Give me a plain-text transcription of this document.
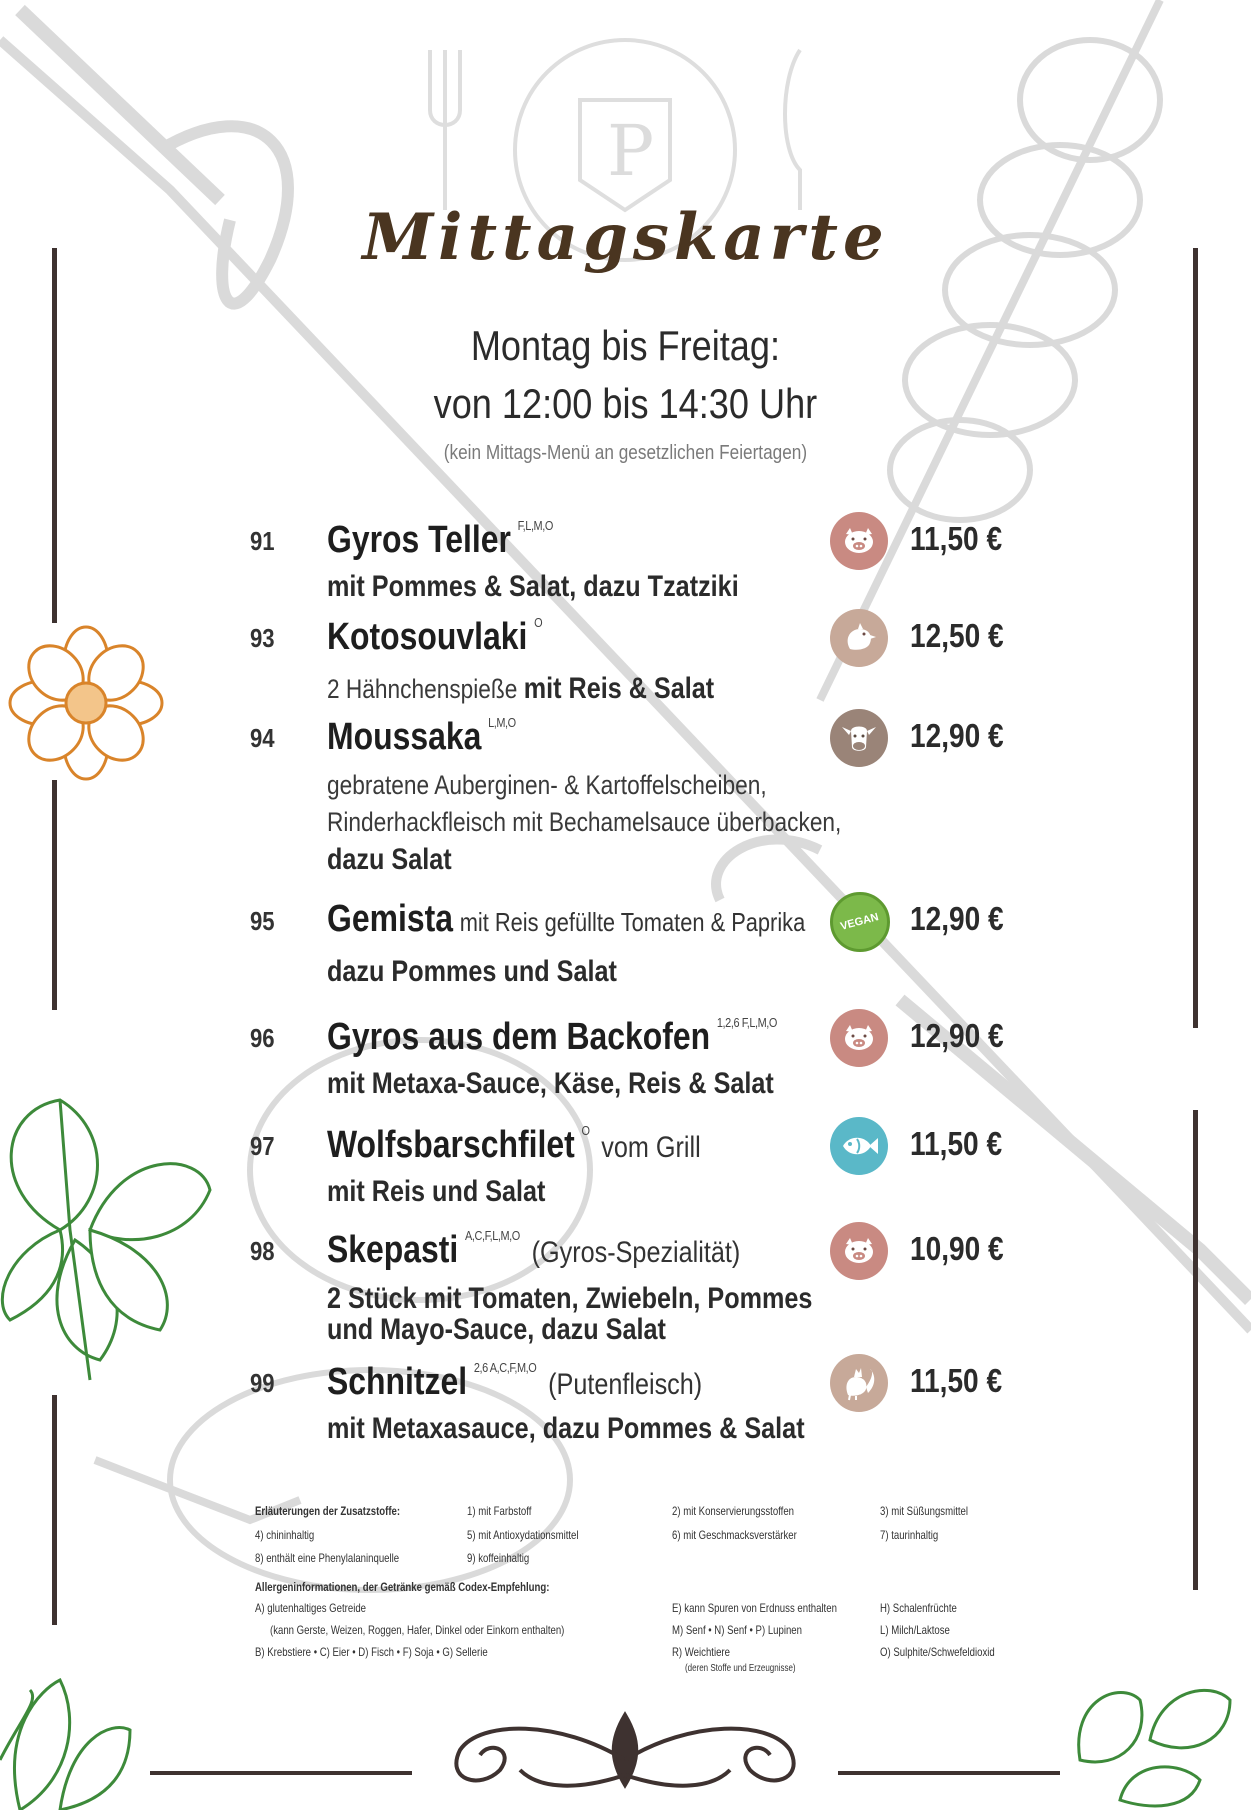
P
Mittagskarte
Montag bis Freitag:
von 12:00 bis 14:30 Uhr
(kein Mittags-Menü an gesetzlichen Feiertagen)
91 Gyros Teller $^{F,L,M,O}$
mit Pommes & Salat, dazu Tzatziki
11,50 €
93 Kotosouvlaki $^O$
2 Hähnchenspieße mit Reis & Salat
12,50 €
94 Moussaka $^{L,M,O}$
gebratene Auberginen- & Kartoffelscheiben,
Rinderhackfleisch mit Bechamelsauce überbacken,
dazu Salat
12,90 €
95 Gemista mit Reis gefüllte Tomaten & Paprika
dazu Pommes und Salat
VEGAN 12,90 €
96 Gyros aus dem Backofen $^{1,2,6 F,L,M,O}$
mit Metaxa-Sauce, Käse, Reis & Salat
12,90 €
97 Wolfsbarschfilet $^O$vom Grill
mit Reis und Salat
11,50 €
98 Skepasti $^{A,C,F,L,M,O}$(Gyros-Spezialität)
2 Stück mit Tomaten, Zwiebeln, Pommes
und Mayo-Sauce, dazu Salat
10,90 €
99 Schnitzel $^{2,6 A,C,F,M,O}$(Putenfleisch)
mit Metaxasauce, dazu Pommes & Salat
11,50 €
Erläuterungen der Zusatzstoffe:	1) mit Farbstoff	2) mit Konservierungsstoffen	3) mit Süßungsmittel
4) chininhaltig	5) mit Antioxydationsmittel	6) mit Geschmacksverstärker	7) taurinhaltig
8) enthält eine Phenylalaninquelle	9) koffeinhaltig
Allergeninformationen, der Getränke gemäß Codex-Empfehlung:
A) glutenhaltiges Getreide
(kann Gerste, Weizen, Roggen, Hafer, Dinkel oder Einkorn enthalten)
B) Krebstiere • C) Eier • D) Fisch • F) Soja • G) Sellerie
E) kann Spuren von Erdnuss enthalten
M) Senf • N) Senf • P) Lupinen
R) Weichtiere
(deren Stoffe und Erzeugnisse)
H) Schalenfrüchte
L) Milch/Laktose
O) Sulphite/Schwefeldioxid
